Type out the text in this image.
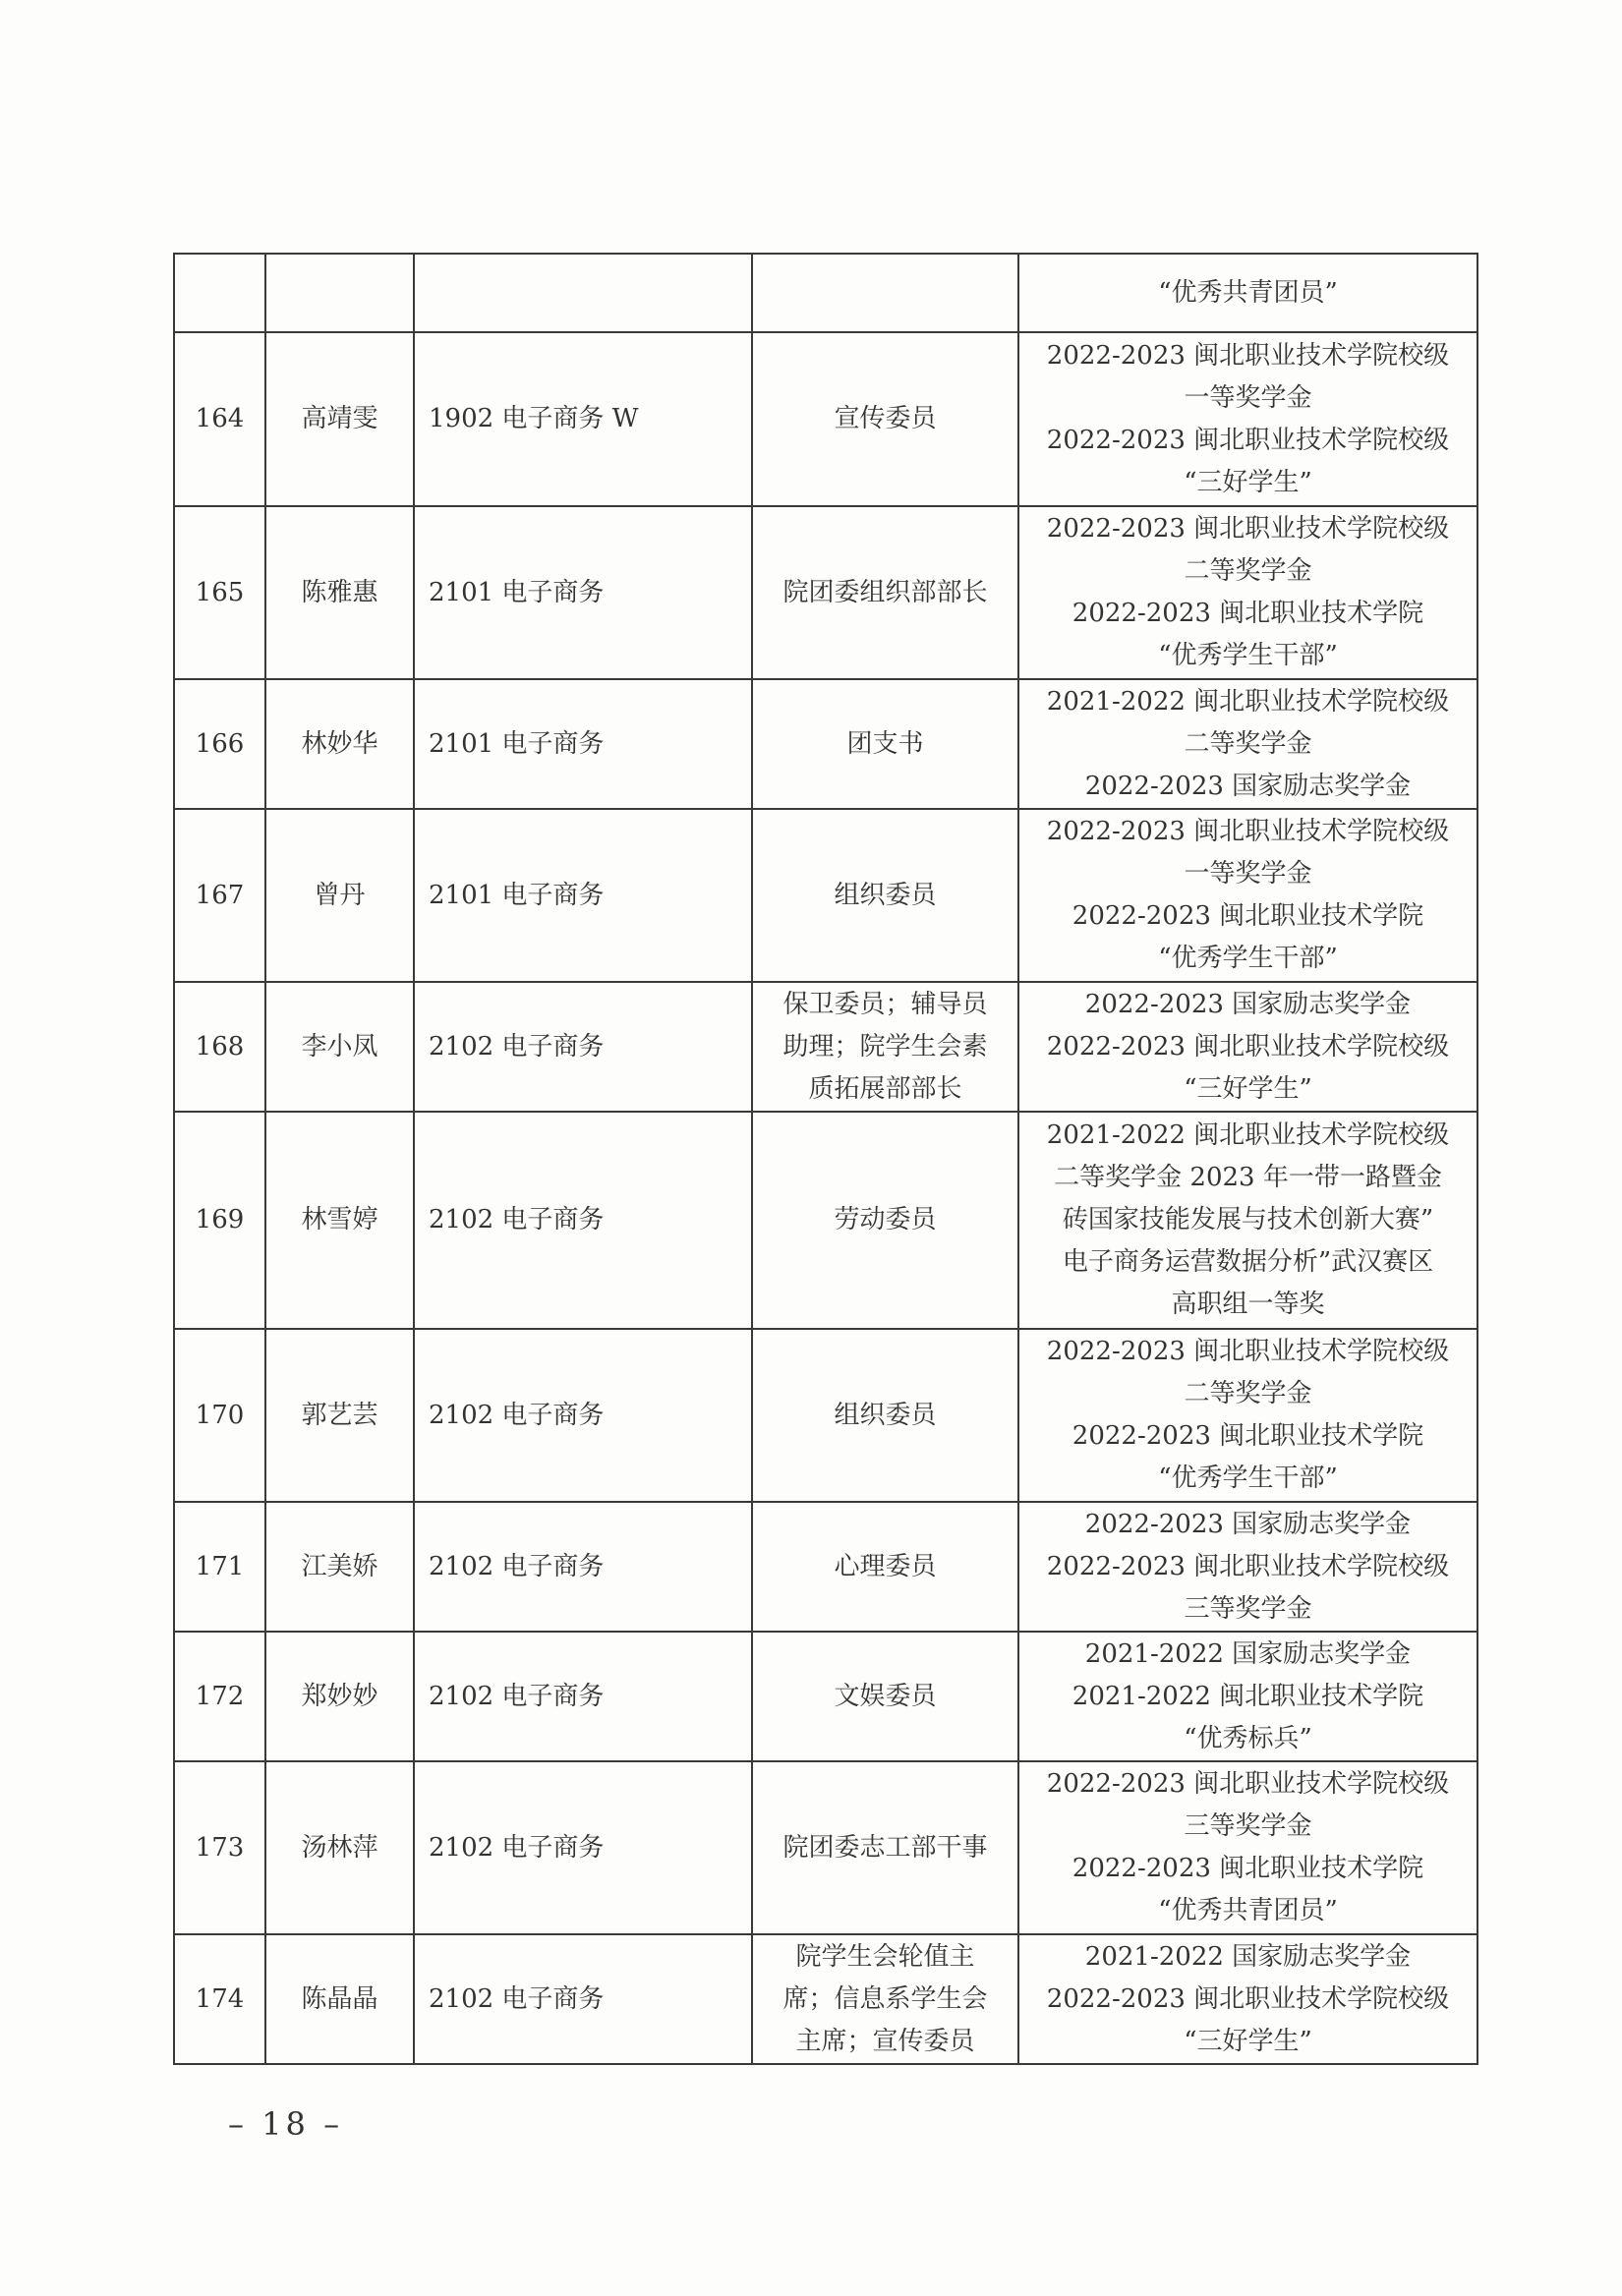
				“优秀共青团员”

164	高靖雯	1902 电子商务 W	宣传委员	2022-2023 闽北职业技术学院校级
一等奖学金
2022-2023 闽北职业技术学院校级
“三好学生”

165	陈雅惠	2101 电子商务	院团委组织部部长	2022-2023 闽北职业技术学院校级
二等奖学金
2022-2023 闽北职业技术学院
“优秀学生干部”

166	林妙华	2101 电子商务	团支书	2021-2022 闽北职业技术学院校级
二等奖学金
2022-2023 国家励志奖学金

167	曾丹	2101 电子商务	组织委员	2022-2023 闽北职业技术学院校级
一等奖学金
2022-2023 闽北职业技术学院
“优秀学生干部”

168	李小凤	2102 电子商务	保卫委员；辅导员
助理；院学生会素
质拓展部部长	2022-2023 国家励志奖学金
2022-2023 闽北职业技术学院校级
“三好学生”

169	林雪婷	2102 电子商务	劳动委员	2021-2022 闽北职业技术学院校级
二等奖学金 2023 年一带一路暨金
砖国家技能发展与技术创新大赛”
电子商务运营数据分析”武汉赛区
高职组一等奖

170	郭艺芸	2102 电子商务	组织委员	2022-2023 闽北职业技术学院校级
二等奖学金
2022-2023 闽北职业技术学院
“优秀学生干部”

171	江美娇	2102 电子商务	心理委员	2022-2023 国家励志奖学金
2022-2023 闽北职业技术学院校级
三等奖学金

172	郑妙妙	2102 电子商务	文娱委员	2021-2022 国家励志奖学金
2021-2022 闽北职业技术学院
“优秀标兵”

173	汤林萍	2102 电子商务	院团委志工部干事	2022-2023 闽北职业技术学院校级
三等奖学金
2022-2023 闽北职业技术学院
“优秀共青团员”

174	陈晶晶	2102 电子商务	院学生会轮值主
席；信息系学生会
主席；宣传委员	2021-2022 国家励志奖学金
2022-2023 闽北职业技术学院校级
“三好学生”
– 18 –
